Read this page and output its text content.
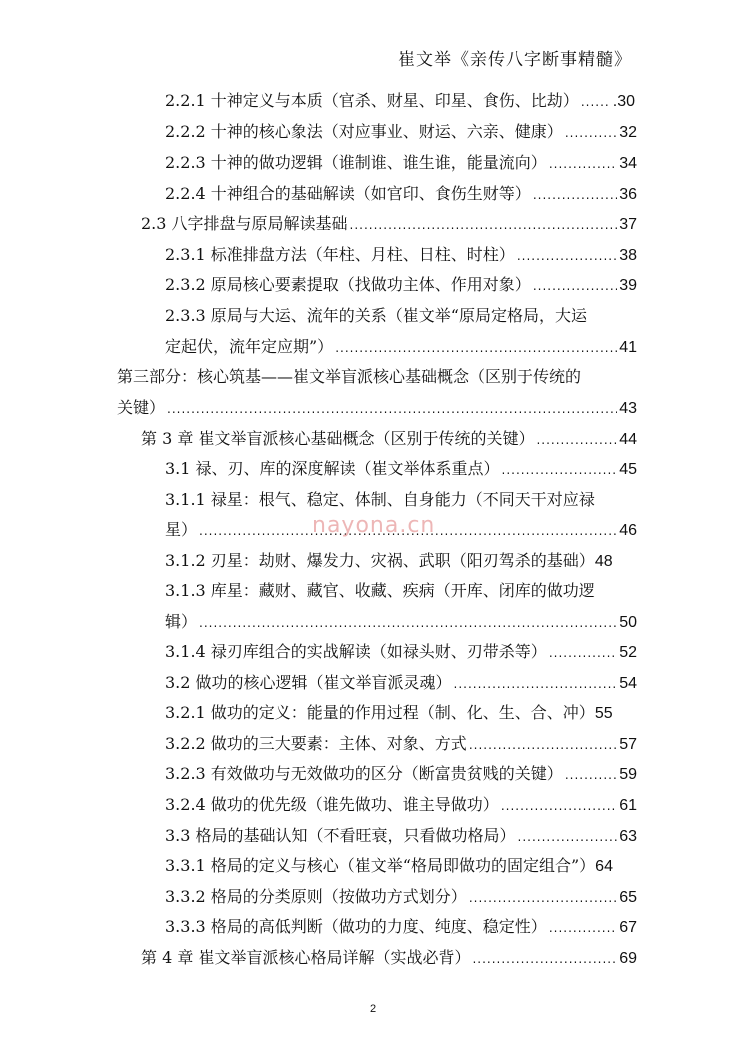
崔文举《亲传八字断事精髓》
2.2.1 十神定义与本质（官杀、财星、印星、食伤、比劫） ..... .30
2.2.2 十神的核心象法（对应事业、财运、六亲、健康） .....	32
2.2.3 十神的做功逻辑（谁制谁、谁生谁，能量流向） .....	34
2.2.4 十神组合的基础解读（如官印、食伤生财等） .....	36
2.3 八字排盘与原局解读基础 .....	37
2.3.1 标准排盘方法（年柱、月柱、日柱、时柱） .....	38
2.3.2 原局核心要素提取（找做功主体、作用对象） .....	39
2.3.3 原局与大运、流年的关系（崔文举“原局定格局，大运
定起伏，流年定应期”） .....	41
第三部分：核心筑基——崔文举盲派核心基础概念（区别于传统的
关键） .....	43
第 3 章 崔文举盲派核心基础概念（区别于传统的关键） .....	44
3.1 禄、刃、库的深度解读（崔文举体系重点） .....	45
3.1.1 禄星：根气、稳定、体制、自身能力（不同天干对应禄
星） .....	46
3.1.2 刃星：劫财、爆发力、灾祸、武职（阳刃驾杀的基础） 48
3.1.3 库星：藏财、藏官、收藏、疾病（开库、闭库的做功逻
辑） .....	50
3.1.4 禄刃库组合的实战解读（如禄头财、刃带杀等） .....	52
3.2 做功的核心逻辑（崔文举盲派灵魂） .....	54
3.2.1 做功的定义：能量的作用过程（制、化、生、合、冲） 55
3.2.2 做功的三大要素：主体、对象、方式 .....	57
3.2.3 有效做功与无效做功的区分（断富贵贫贱的关键） .....	59
3.2.4 做功的优先级（谁先做功、谁主导做功） .....	61
3.3 格局的基础认知（不看旺衰，只看做功格局） .....	63
3.3.1 格局的定义与核心（崔文举“格局即做功的固定组合”） 64
3.3.2 格局的分类原则（按做功方式划分） .....	65
3.3.3 格局的高低判断（做功的力度、纯度、稳定性） .....	67
第 4 章 崔文举盲派核心格局详解（实战必背） .....	69
nayona.cn
2
